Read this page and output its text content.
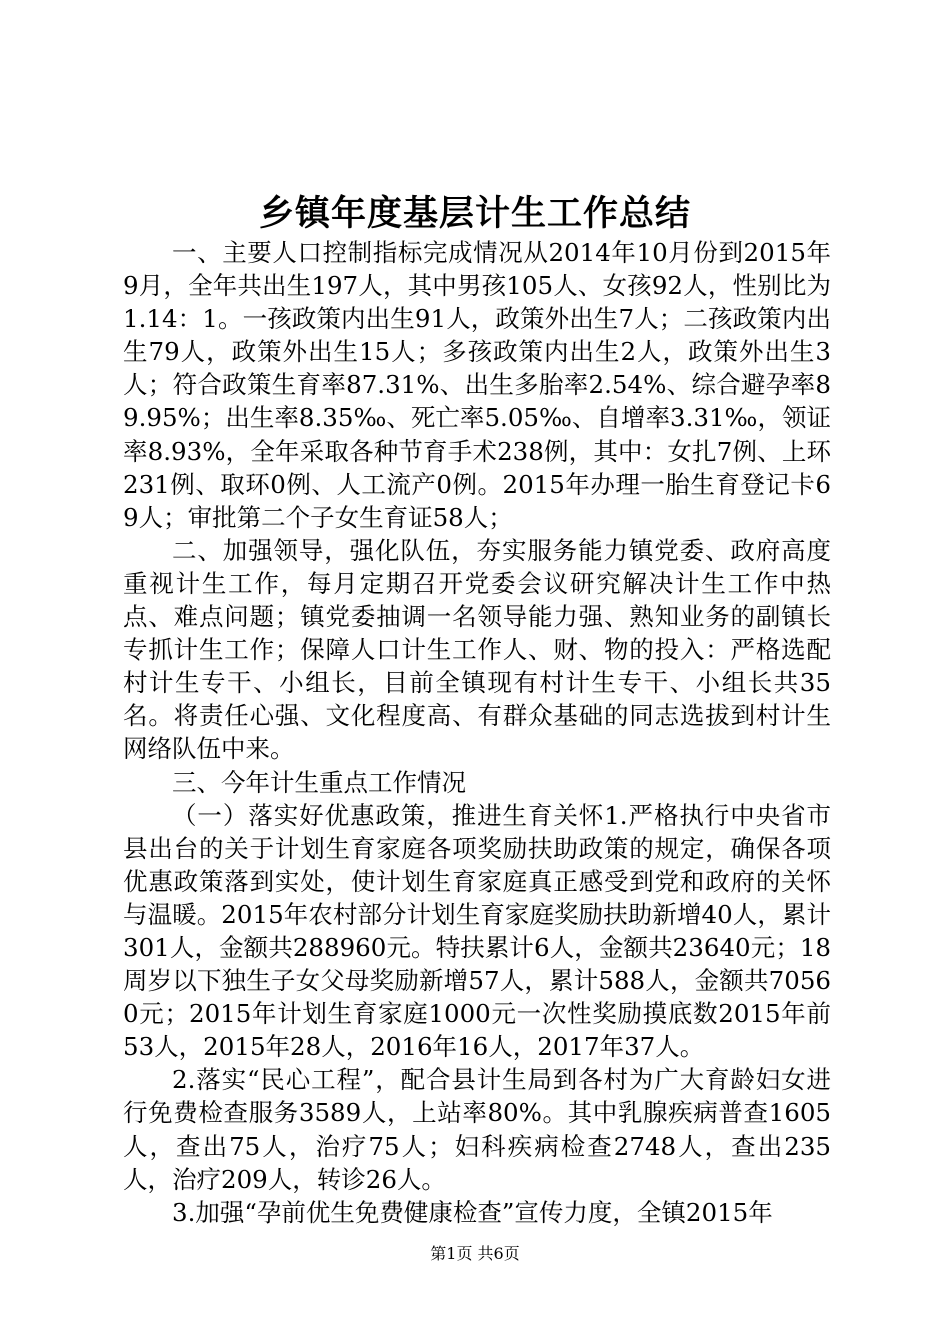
乡镇年度基层计生工作总结

一、主要人口控制指标完成情况从2014年10月份到2015年9月，全年共出生197人，其中男孩105人、女孩92人，性别比为1.14：1。一孩政策内出生91人，政策外出生7人；二孩政策内出生79人，政策外出生15人；多孩政策内出生2人，政策外出生3人；符合政策生育率87.31%、出生多胎率2.54%、综合避孕率89.95%；出生率8.35‰、死亡率5.05‰、自增率3.31‰，领证率8.93%，全年采取各种节育手术238例，其中：女扎7例、上环231例、取环0例、人工流产0例。2015年办理一胎生育登记卡69人；审批第二个子女生育证58人；

二、加强领导，强化队伍，夯实服务能力镇党委、政府高度重视计生工作，每月定期召开党委会议研究解决计生工作中热点、难点问题；镇党委抽调一名领导能力强、熟知业务的副镇长专抓计生工作；保障人口计生工作人、财、物的投入：严格选配村计生专干、小组长，目前全镇现有村计生专干、小组长共35名。将责任心强、文化程度高、有群众基础的同志选拔到村计生网络队伍中来。

三、今年计生重点工作情况

（一）落实好优惠政策，推进生育关怀1.严格执行中央省市县出台的关于计划生育家庭各项奖励扶助政策的规定，确保各项优惠政策落到实处，使计划生育家庭真正感受到党和政府的关怀与温暖。2015年农村部分计划生育家庭奖励扶助新增40人，累计301人，金额共288960元。特扶累计6人，金额共23640元；18周岁以下独生子女父母奖励新增57人，累计588人，金额共70560元；2015年计划生育家庭1000元一次性奖励摸底数2015年前53人，2015年28人，2016年16人，2017年37人。

2.落实“民心工程”，配合县计生局到各村为广大育龄妇女进行免费检查服务3589人，上站率80%。其中乳腺疾病普查1605人，查出75人，治疗75人；妇科疾病检查2748人，查出235人，治疗209人，转诊26人。

3.加强“孕前优生免费健康检查”宣传力度，全镇2015年

第1页 共6页
